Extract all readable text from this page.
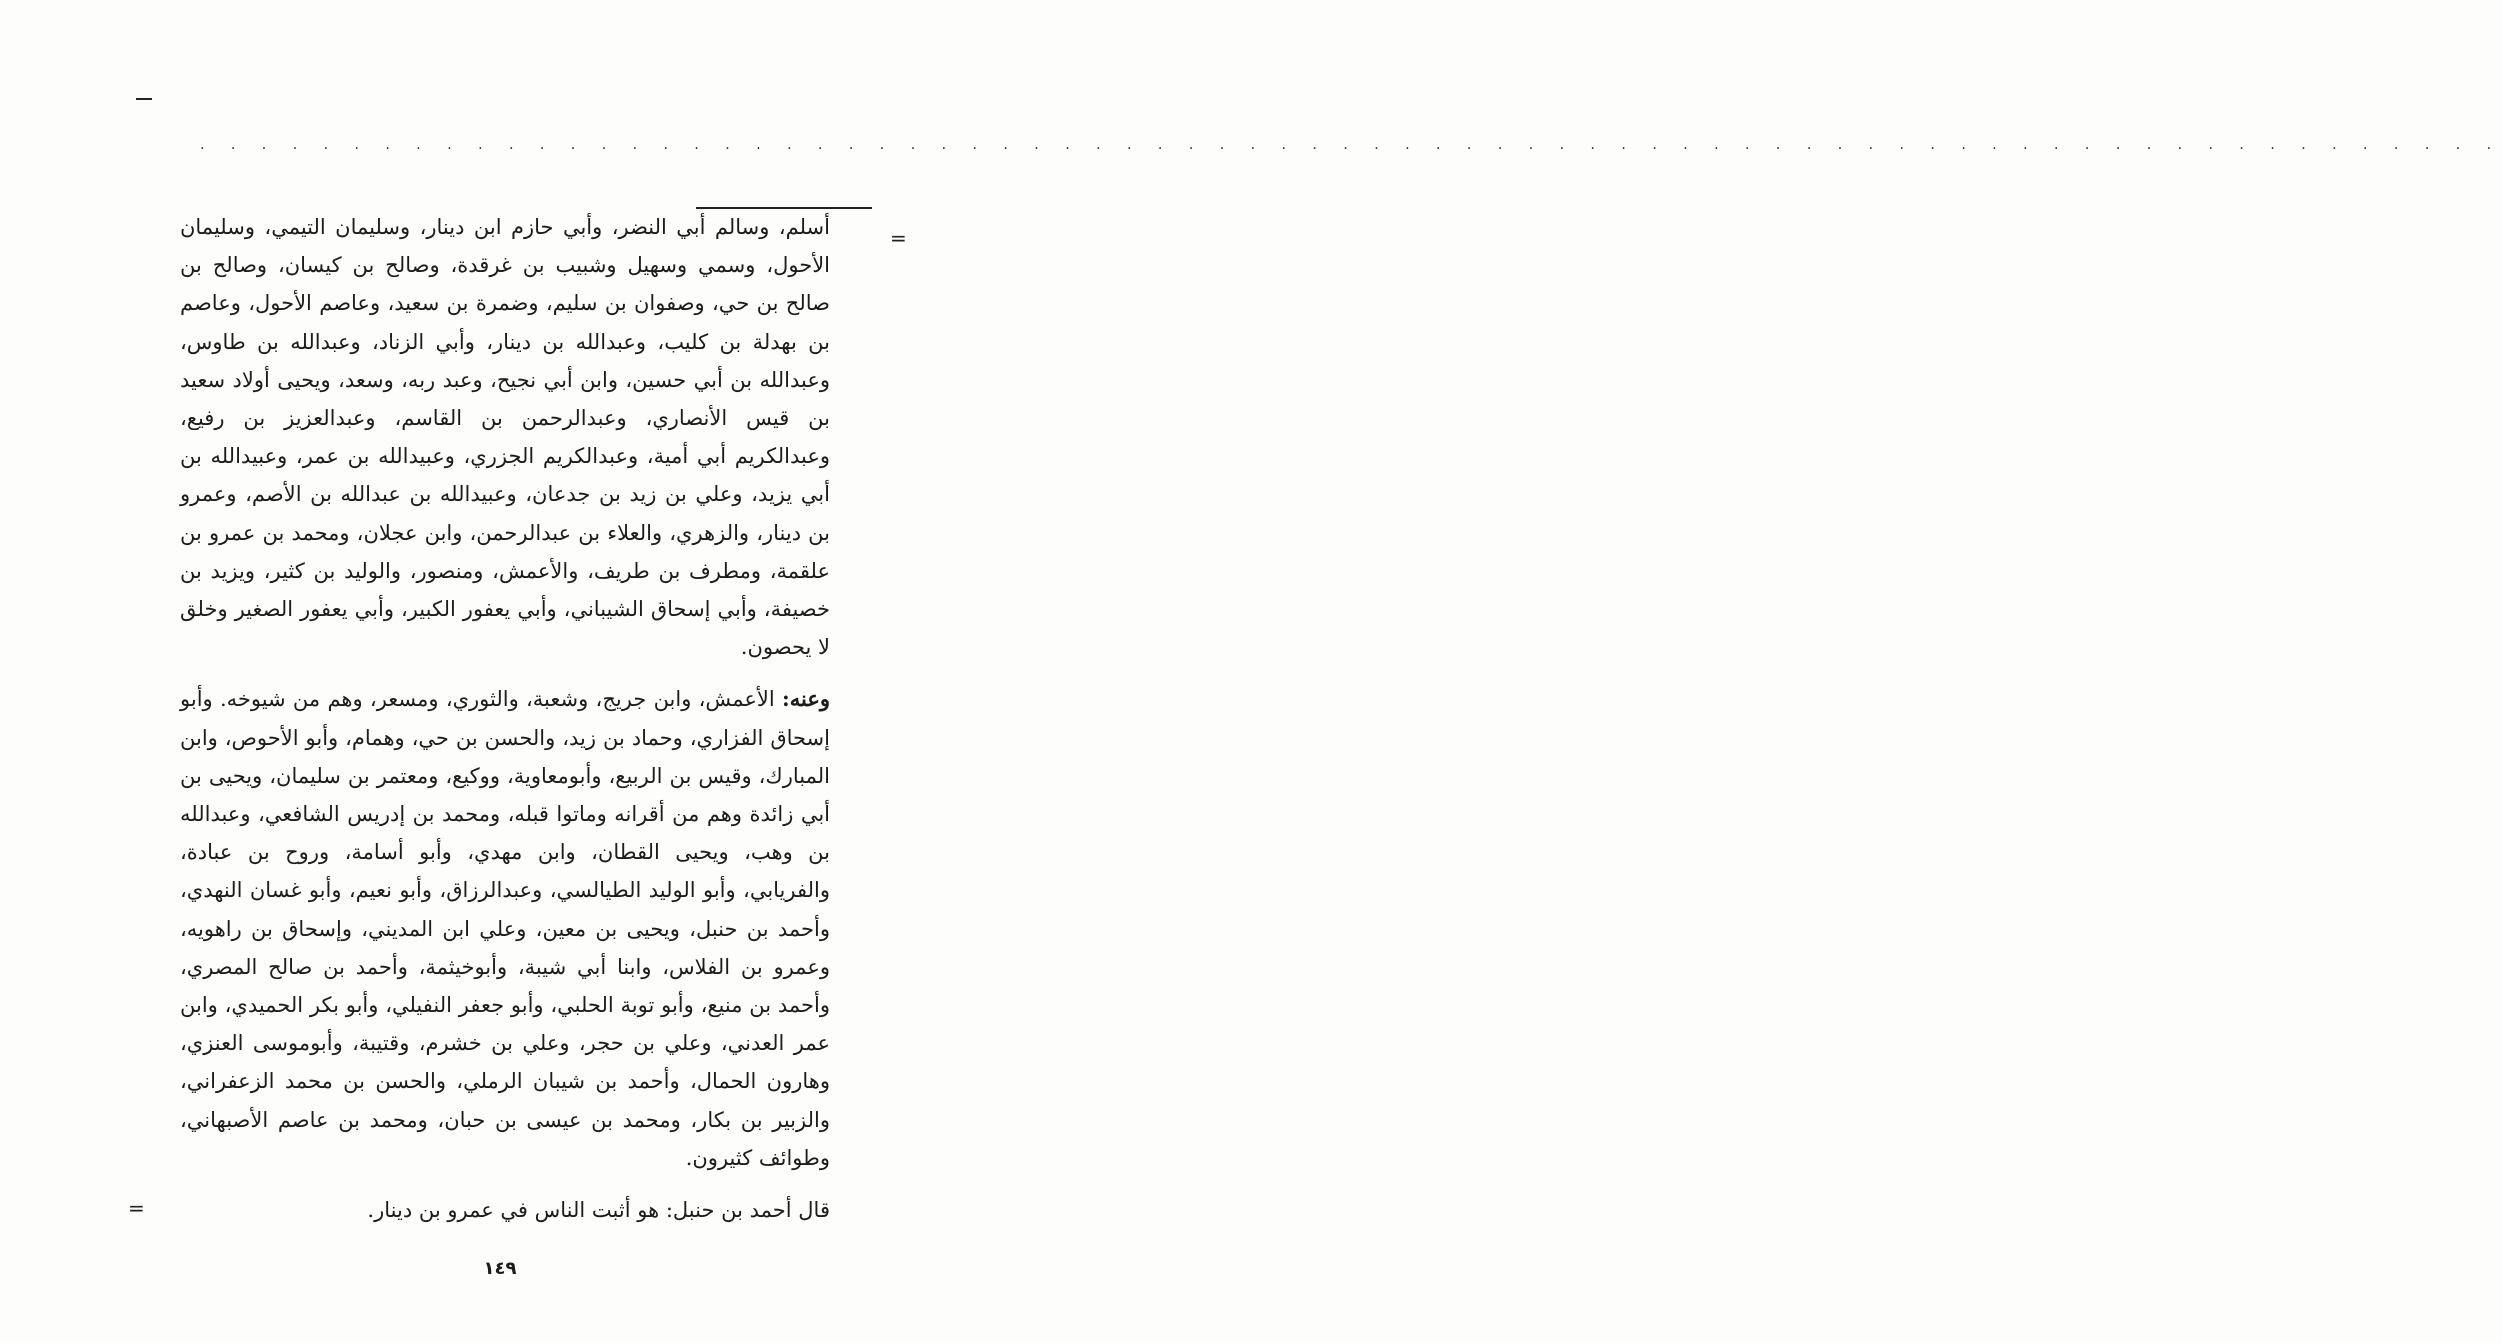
. . . . . . . . . . . . . . . . . . . . . . . . . . . . . . . . . . . . . . . . . . . . . . . . . . . . . . . . . . . . . . . . . . . . . . . . . . .
=

أسلم، وسالم أبي النضر، وأبي حازم ابن دينار، وسليمان التيمي، وسليمان الأحول، وسمي وسهيل وشبيب بن غرقدة، وصالح بن كيسان، وصالح بن صالح بن حي، وصفوان بن سليم، وضمرة بن سعيد، وعاصم الأحول، وعاصم بن بهدلة بن كليب، وعبدالله بن دينار، وأبي الزناد، وعبدالله بن طاوس، وعبدالله بن أبي حسين، وابن أبي نجيح، وعبد ربه، وسعد، ويحيى أولاد سعيد بن قيس الأنصاري، وعبدالرحمن بن القاسم، وعبدالعزيز بن رفيع، وعبدالكريم أبي أمية، وعبدالكريم الجزري، وعبيدالله بن عمر، وعبيدالله بن أبي يزيد، وعلي بن زيد بن جدعان، وعبيدالله بن عبدالله بن الأصم، وعمرو بن دينار، والزهري، والعلاء بن عبدالرحمن، وابن عجلان، ومحمد بن عمرو بن علقمة، ومطرف بن طريف، والأعمش، ومنصور، والوليد بن كثير، ويزيد بن خصيفة، وأبي إسحاق الشيباني، وأبي يعفور الكبير، وأبي يعفور الصغير وخلق لا يحصون.

وعنه: الأعمش، وابن جريج، وشعبة، والثوري، ومسعر، وهم من شيوخه. وأبو إسحاق الفزاري، وحماد بن زيد، والحسن بن حي، وهمام، وأبو الأحوص، وابن المبارك، وقيس بن الربيع، وأبومعاوية، ووكيع، ومعتمر بن سليمان، ويحيى بن أبي زائدة وهم من أقرانه وماتوا قبله، ومحمد بن إدريس الشافعي، وعبدالله بن وهب، ويحيى القطان، وابن مهدي، وأبو أسامة، وروح بن عبادة، والفريابي، وأبو الوليد الطيالسي، وعبدالرزاق، وأبو نعيم، وأبو غسان النهدي، وأحمد بن حنبل، ويحيى بن معين، وعلي ابن المديني، وإسحاق بن راهويه، وعمرو بن الفلاس، وابنا أبي شيبة، وأبوخيثمة، وأحمد بن صالح المصري، وأحمد بن منيع، وأبو توبة الحلبي، وأبو جعفر النفيلي، وأبو بكر الحميدي، وابن عمر العدني، وعلي بن حجر، وعلي بن خشرم، وقتيبة، وأبوموسى العنزي، وهارون الحمال، وأحمد بن شيبان الرملي، والحسن بن محمد الزعفراني، والزبير بن بكار، ومحمد بن عيسى بن حبان، ومحمد بن عاصم الأصبهاني، وطوائف كثيرون.

قال أحمد بن حنبل: هو أثبت الناس في عمرو بن دينار.

=
١٤٩
